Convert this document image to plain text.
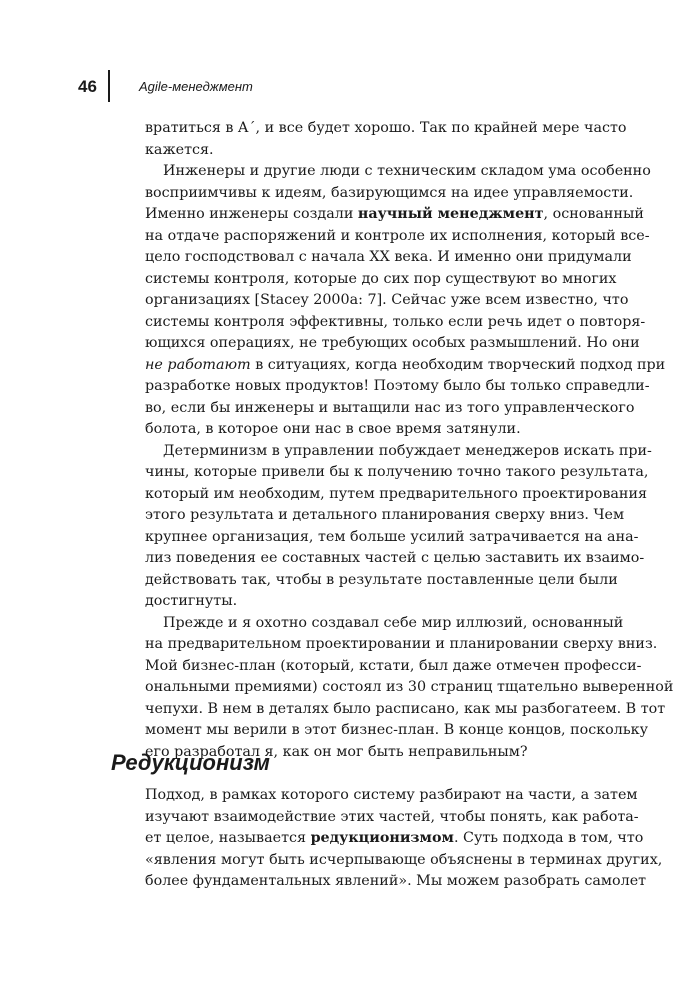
46	Agile-менеджмент
вратиться в A´, и все будет хорошо. Так по крайней мере часто
кажется.
Инженеры и другие люди с техническим складом ума особенно
восприимчивы к идеям, базирующимся на идее управляемости.
Именно инженеры создали научный менеджмент, основанный
на отдаче распоряжений и контроле их исполнения, который все-
цело господствовал с начала XX века. И именно они придумали
системы контроля, которые до сих пор существуют во многих
организациях [Stacey 2000a: 7]. Сейчас уже всем известно, что
системы контроля эффективны, только если речь идет о повторя-
ющихся операциях, не требующих особых размышлений. Но они
не работают в ситуациях, когда необходим творческий подход при
разработке новых продуктов! Поэтому было бы только справедли-
во, если бы инженеры и вытащили нас из того управленческого
болота, в которое они нас в свое время затянули.
Детерминизм в управлении побуждает менеджеров искать при-
чины, которые привели бы к получению точно такого результата,
который им необходим, путем предварительного проектирования
этого результата и детального планирования сверху вниз. Чем
крупнее организация, тем больше усилий затрачивается на ана-
лиз поведения ее составных частей с целью заставить их взаимо-
действовать так, чтобы в результате поставленные цели были
достигнуты.
Прежде и я охотно создавал себе мир иллюзий, основанный
на предварительном проектировании и планировании сверху вниз.
Мой бизнес-план (который, кстати, был даже отмечен професси-
ональными премиями) состоял из 30 страниц тщательно выверенной
чепухи. В нем в деталях было расписано, как мы разбогатеем. В тот
момент мы верили в этот бизнес-план. В конце концов, поскольку
его разработал я, как он мог быть неправильным?
Редукционизм
Подход, в рамках которого систему разбирают на части, а затем
изучают взаимодействие этих частей, чтобы понять, как работа-
ет целое, называется редукционизмом. Суть подхода в том, что
«явления могут быть исчерпывающе объяснены в терминах других,
более фундаментальных явлений». Мы можем разобрать самолет
